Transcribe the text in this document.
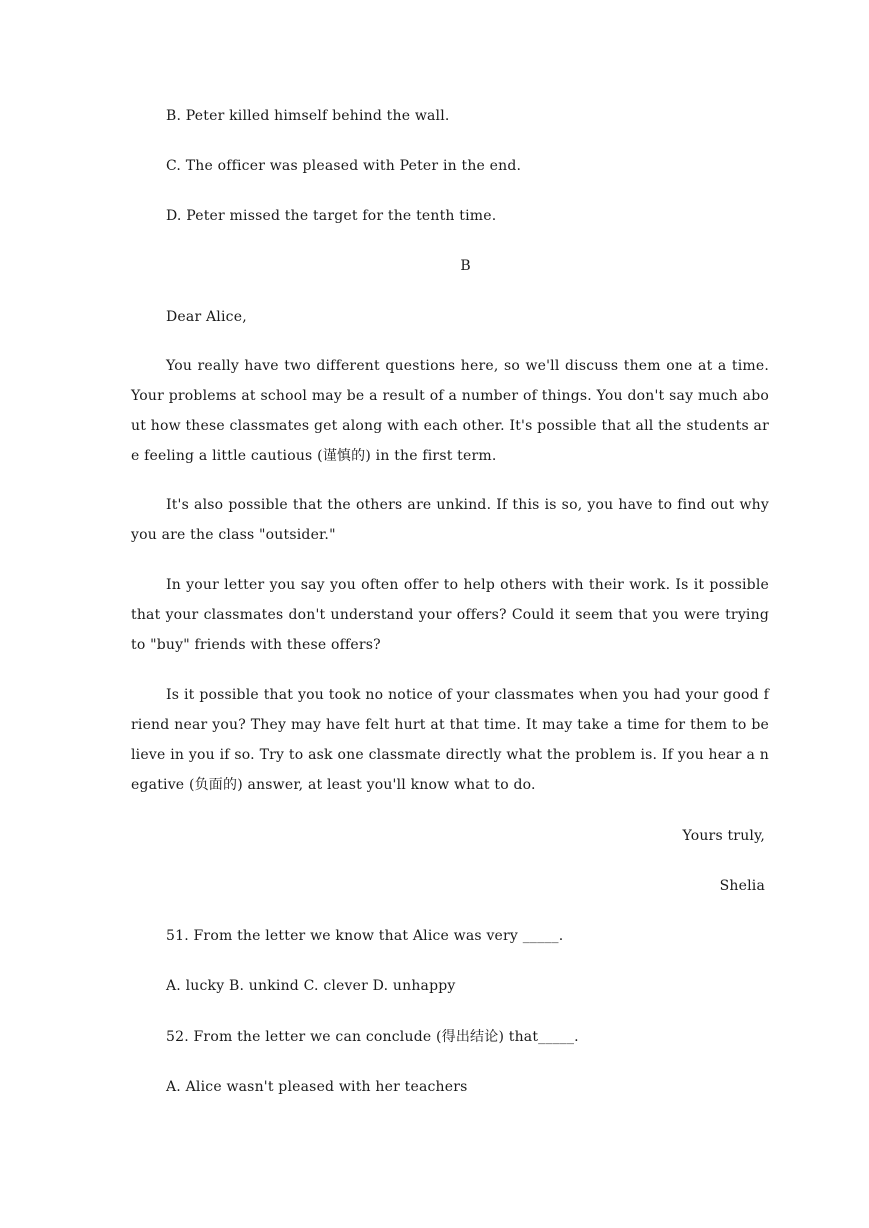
B. Peter killed himself behind the wall.
C. The officer was pleased with Peter in the end.
D. Peter missed the target for the tenth time.
B
Dear Alice,
You really have two different questions here, so we'll discuss them one at a time. Your problems at school may be a result of a number of things. You don't say much about how these classmates get along with each other. It's possible that all the students are feeling a little cautious (谨慎的) in the first term.
It's also possible that the others are unkind. If this is so, you have to find out why you are the class "outsider."
In your letter you say you often offer to help others with their work. Is it possible that your classmates don't understand your offers? Could it seem that you were trying to "buy" friends with these offers?
Is it possible that you took no notice of your classmates when you had your good friend near you? They may have felt hurt at that time. It may take a time for them to believe in you if so. Try to ask one classmate directly what the problem is. If you hear a negative (负面的) answer, at least you'll know what to do.
Yours truly,
Shelia
51. From the letter we know that Alice was very _____.
A. lucky B. unkind C. clever D. unhappy
52. From the letter we can conclude (得出结论) that_____.
A. Alice wasn't pleased with her teachers
